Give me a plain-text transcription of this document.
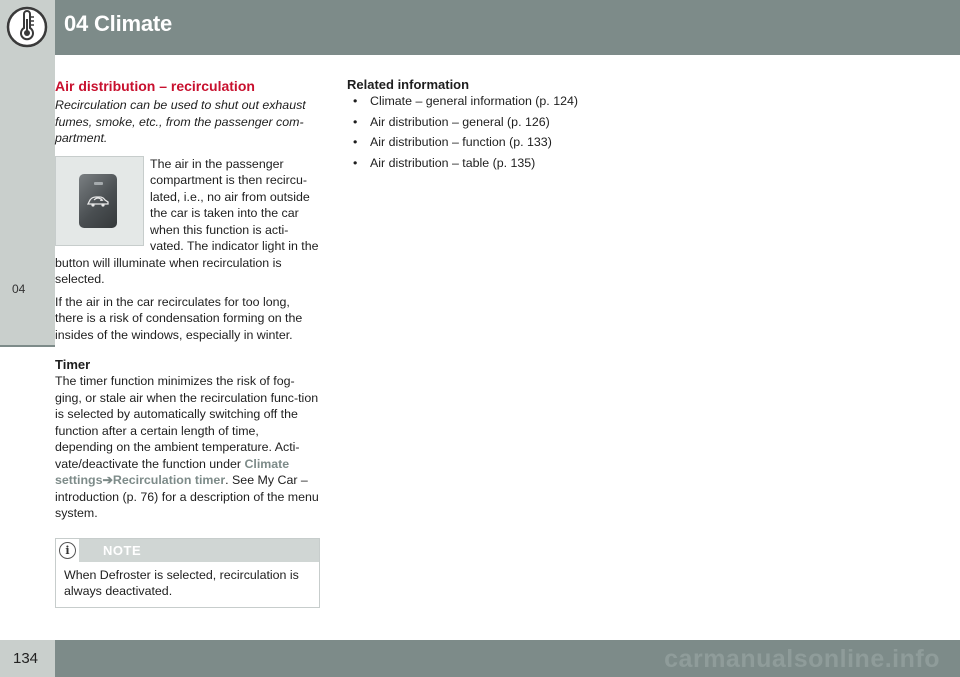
04 Climate
04
Air distribution – recirculation

Recirculation can be used to shut out exhaust fumes, smoke, etc., from the passenger com-partment.

The air in the passenger compartment is then recircu-lated, i.e., no air from outside the car is taken into the car when this function is acti-vated. The indicator light in the button will illuminate when recirculation is selected.

If the air in the car recirculates for too long, there is a risk of condensation forming on the insides of the windows, especially in winter.

Timer

The timer function minimizes the risk of fog-ging, or stale air when the recirculation func-tion is selected by automatically switching off the function after a certain length of time, depending on the ambient temperature. Acti-vate/deactivate the function under Climate settings➔Recirculation timer. See My Car – introduction (p. 76) for a description of the menu system.

i	NOTE
When Defroster is selected, recirculation is always deactivated.
Related information
• Climate – general information (p. 124)
• Air distribution – general (p. 126)
• Air distribution – function (p. 133)
• Air distribution – table (p. 135)
134	carmanualsonline.info
